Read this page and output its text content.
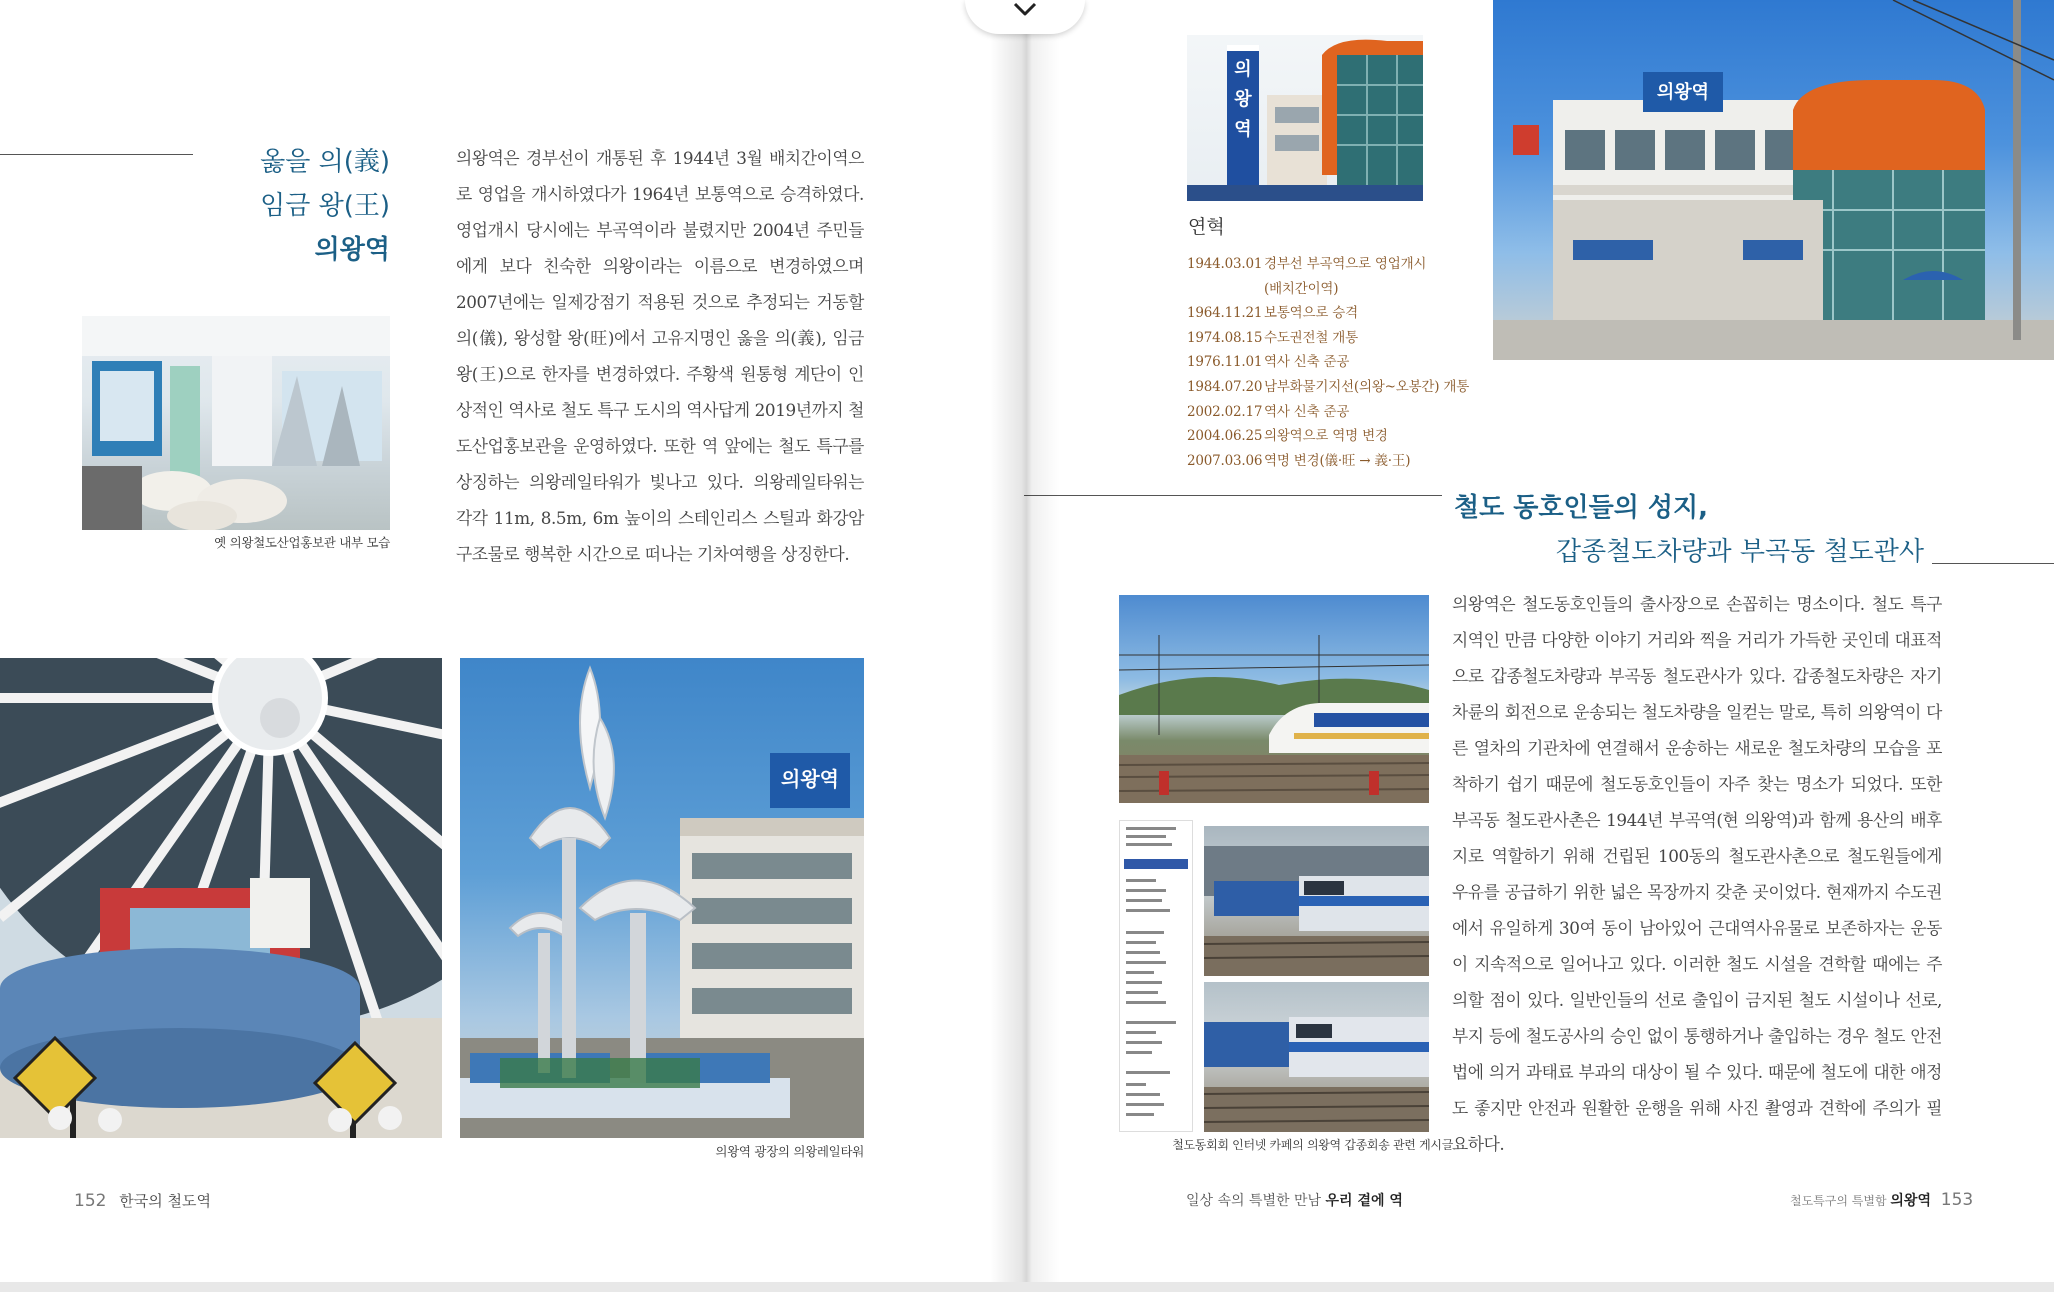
옳을 의(義)
임금 왕(王)
의왕역

의왕역은 경부선이 개통된 후 1944년 3월 배치간이역으로 영업을 개시하였다가 1964년 보통역으로 승격하였다. 영업개시 당시에는 부곡역이라 불렸지만 2004년 주민들에게 보다 친숙한 의왕이라는 이름으로 변경하였으며 2007년에는 일제강점기 적용된 것으로 추정되는 거동할 의(儀), 왕성할 왕(旺)에서 고유지명인 옳을 의(義), 임금 왕(王)으로 한자를 변경하였다. 주황색 원통형 계단이 인상적인 역사로 철도 특구 도시의 역사답게 2019년까지 철도산업홍보관을 운영하였다. 또한 역 앞에는 철도 특구를 상징하는 의왕레일타워가 빛나고 있다. 의왕레일타워는 각각 11m, 8.5m, 6m 높이의 스테인리스 스틸과 화강암 구조물로 행복한 시간으로 떠나는 기차여행을 상징한다.

옛 의왕철도산업홍보관 내부 모습
의왕역
의왕역 광장의 의왕레일타워
152 한국의 철도역
의
왕
역
연혁
1944.03.01 경부선 부곡역으로 영업개시
(배치간이역)
1964.11.21 보통역으로 승격
1974.08.15 수도권전철 개통
1976.11.01 역사 신축 준공
1984.07.20 남부화물기지선(의왕~오봉간) 개통
2002.02.17 역사 신축 준공
2004.06.25 의왕역으로 역명 변경
2007.03.06 역명 변경(儀·旺 → 義·王)
의왕역
철도 동호인들의 성지,
갑종철도차량과 부곡동 철도관사
철도동회회 인터넷 카페의 의왕역 갑종회송 관련 게시글

의왕역은 철도동호인들의 출사장으로 손꼽히는 명소이다. 철도 특구 지역인 만큼 다양한 이야기 거리와 찍을 거리가 가득한 곳인데 대표적으로 갑종철도차량과 부곡동 철도관사가 있다. 갑종철도차량은 자기차륜의 회전으로 운송되는 철도차량을 일컫는 말로, 특히 의왕역이 다른 열차의 기관차에 연결해서 운송하는 새로운 철도차량의 모습을 포착하기 쉽기 때문에 철도동호인들이 자주 찾는 명소가 되었다. 또한 부곡동 철도관사촌은 1944년 부곡역(현 의왕역)과 함께 용산의 배후지로 역할하기 위해 건립된 100동의 철도관사촌으로 철도원들에게 우유를 공급하기 위한 넓은 목장까지 갖춘 곳이었다. 현재까지 수도권에서 유일하게 30여 동이 남아있어 근대역사유물로 보존하자는 운동이 지속적으로 일어나고 있다. 이러한 철도 시설을 견학할 때에는 주의할 점이 있다. 일반인들의 선로 출입이 금지된 철도 시설이나 선로, 부지 등에 철도공사의 승인 없이 통행하거나 출입하는 경우 철도 안전법에 의거 과태료 부과의 대상이 될 수 있다. 때문에 철도에 대한 애정도 좋지만 안전과 원활한 운행을 위해 사진 촬영과 견학에 주의가 필요하다.

일상 속의 특별한 만남 우리 곁에 역	철도특구의 특별함 의왕역 153
